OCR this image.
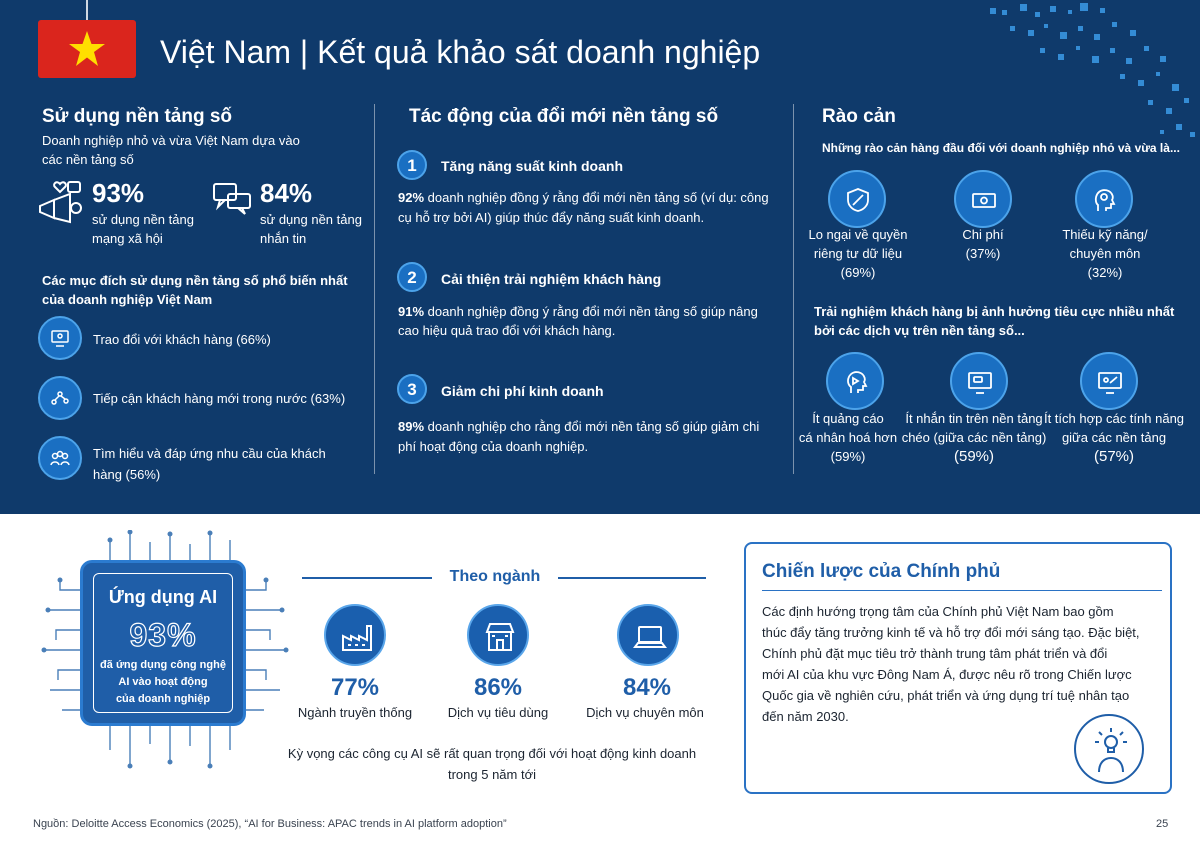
Việt Nam | Kết quả khảo sát doanh nghiệp
Sử dụng nền tảng số
Doanh nghiệp nhỏ và vừa Việt Nam dựa vào
các nền tảng số
93%
sử dụng nền tảng
mạng xã hội
84%
sử dụng nền tảng
nhắn tin
Các mục đích sử dụng nền tảng số phổ biến nhất
của doanh nghiệp Việt Nam
Trao đổi với khách hàng (66%)
Tiếp cận khách hàng mới trong nước (63%)
Tìm hiểu và đáp ứng nhu cầu của khách
hàng (56%)
Tác động của đổi mới nền tảng số
1	Tăng năng suất kinh doanh
92% doanh nghiệp đồng ý rằng đổi mới nền tảng số (ví dụ: công
cụ hỗ trợ bởi AI) giúp thúc đẩy năng suất kinh doanh.
2	Cải thiện trải nghiệm khách hàng
91% doanh nghiệp đồng ý rằng đổi mới nền tảng số giúp nâng
cao hiệu quả trao đổi với khách hàng.
3	Giảm chi phí kinh doanh
89% doanh nghiệp cho rằng đổi mới nền tảng số giúp giảm chi
phí hoạt động của doanh nghiệp.
Rào cản
Những rào cản hàng đầu đối với doanh nghiệp nhỏ và vừa là...
Lo ngại về quyền
riêng tư dữ liệu
(69%)
Chi phí
(37%)
Thiếu kỹ năng/
chuyên môn
(32%)
Trải nghiệm khách hàng bị ảnh hưởng tiêu cực nhiều nhất
bởi các dịch vụ trên nền tảng số...
Ít quảng cáo
cá nhân hoá hơn
(59%)
Ít nhắn tin trên nền tảng
chéo (giữa các nền tảng)
(59%)
Ít tích hợp các tính năng
giữa các nền tảng
(57%)
Ứng dụng AI
93%
đã ứng dụng công nghệ
AI vào hoạt động
của doanh nghiệp
Theo ngành
77%
Ngành truyền thống
86%
Dịch vụ tiêu dùng
84%
Dịch vụ chuyên môn
Kỳ vọng các công cụ AI sẽ rất quan trọng đối với hoạt động kinh doanh
trong 5 năm tới
Chiến lược của Chính phủ
Các định hướng trọng tâm của Chính phủ Việt Nam bao gồm
thúc đẩy tăng trưởng kinh tế và hỗ trợ đổi mới sáng tạo. Đặc biệt,
Chính phủ đặt mục tiêu trở thành trung tâm phát triển và đổi
mới AI của khu vực Đông Nam Á, được nêu rõ trong Chiến lược
Quốc gia về nghiên cứu, phát triển và ứng dụng trí tuệ nhân tạo
đến năm 2030.
Nguồn: Deloitte Access Economics (2025), “AI for Business: APAC trends in AI platform adoption”	25
